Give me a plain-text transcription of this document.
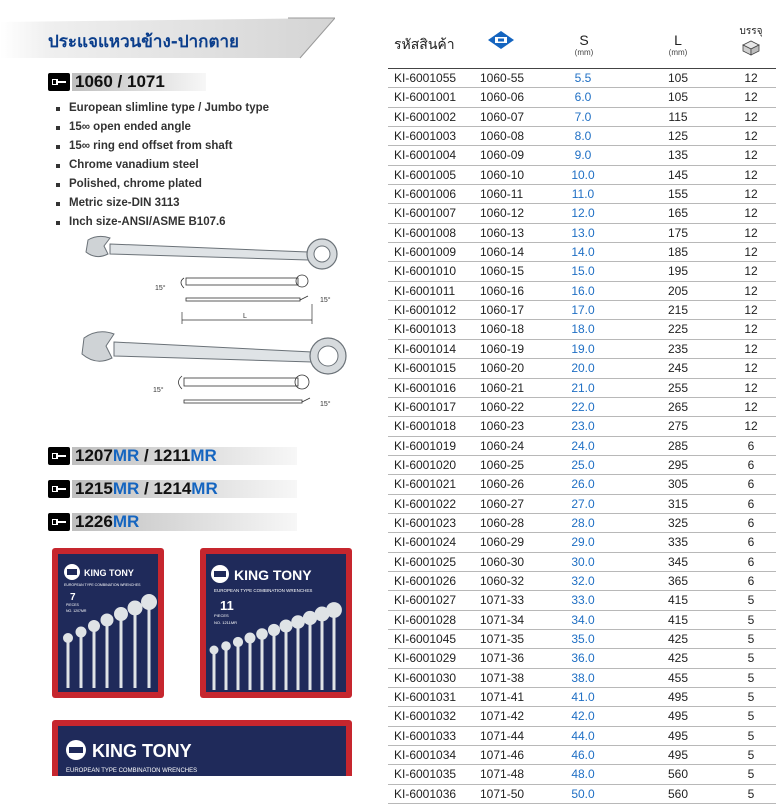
ประแจแหวนข้าง-ปากตาย
1060 / 1071
European slimline type / Jumbo type
15∞ open ended angle
15∞ ring end offset from shaft
Chrome vanadium steel
Polished, chrome plated
Metric size-DIN 3113
Inch size-ANSI/ASME B107.6
15°
15°
L
15°
15°
1207MR / 1211MR
1215MR / 1214MR
1226MR
KING TONY
EUROPEAN TYPE COMBINATION WRENCHES
7
PIECES
NO. 1207MR
KING TONY
EUROPEAN TYPE COMBINATION WRENCHES
11
PIECES
NO. 1211MR
KING TONY
EUROPEAN TYPE COMBINATION WRENCHES
รหัสสินค้า	S
(mm)
L
(mm)
บรรจุ
KI-6001055 1060-55	5.5	105	12
KI-6001001 1060-06	6.0	105	12
KI-6001002 1060-07	7.0	115	12
KI-6001003 1060-08	8.0	125	12
KI-6001004 1060-09	9.0	135	12
KI-6001005 1060-10	10.0	145	12
KI-6001006 1060-11	11.0	155	12
KI-6001007 1060-12	12.0	165	12
KI-6001008 1060-13	13.0	175	12
KI-6001009 1060-14	14.0	185	12
KI-6001010 1060-15	15.0	195	12
KI-6001011 1060-16	16.0	205	12
KI-6001012 1060-17	17.0	215	12
KI-6001013 1060-18	18.0	225	12
KI-6001014 1060-19	19.0	235	12
KI-6001015 1060-20	20.0	245	12
KI-6001016 1060-21	21.0	255	12
KI-6001017 1060-22	22.0	265	12
KI-6001018 1060-23	23.0	275	12
KI-6001019 1060-24	24.0	285	6
KI-6001020 1060-25	25.0	295	6
KI-6001021 1060-26	26.0	305	6
KI-6001022 1060-27	27.0	315	6
KI-6001023 1060-28	28.0	325	6
KI-6001024 1060-29	29.0	335	6
KI-6001025 1060-30	30.0	345	6
KI-6001026 1060-32	32.0	365	6
KI-6001027 1071-33	33.0	415	5
KI-6001028 1071-34	34.0	415	5
KI-6001045 1071-35	35.0	425	5
KI-6001029 1071-36	36.0	425	5
KI-6001030 1071-38	38.0	455	5
KI-6001031 1071-41	41.0	495	5
KI-6001032 1071-42	42.0	495	5
KI-6001033 1071-44	44.0	495	5
KI-6001034 1071-46	46.0	495	5
KI-6001035 1071-48	48.0	560	5
KI-6001036 1071-50	50.0	560	5
